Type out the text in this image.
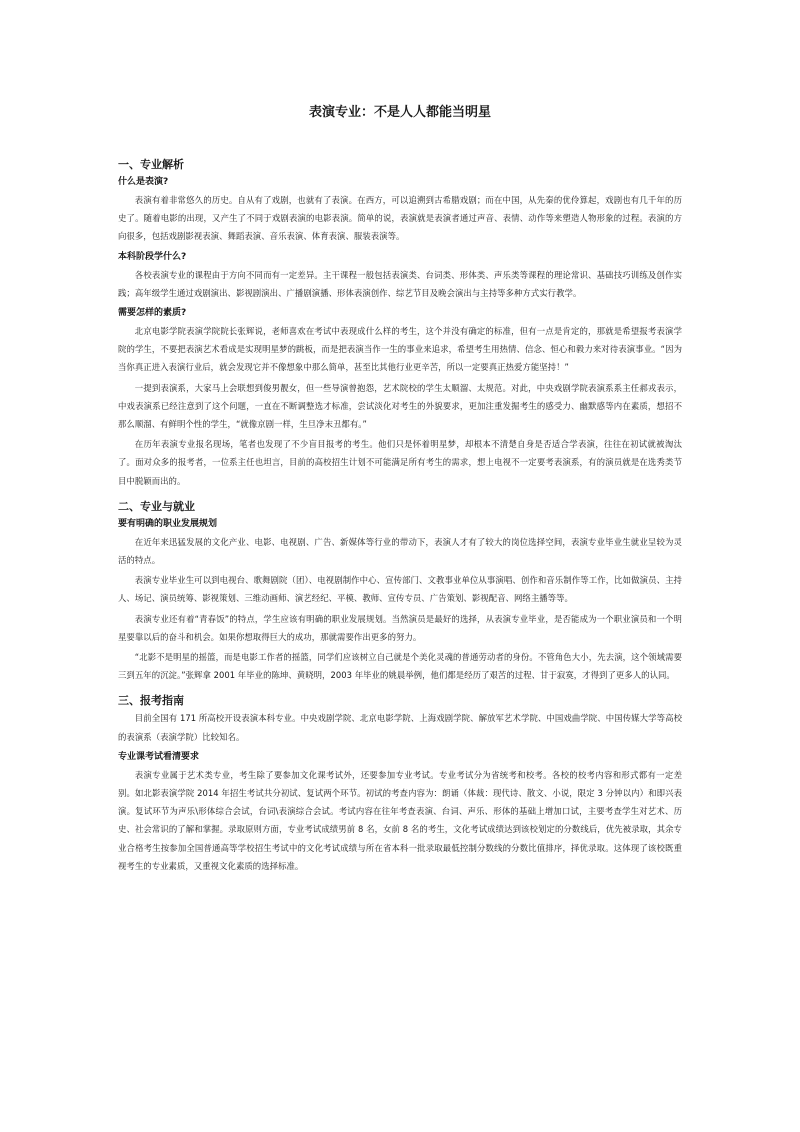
表演专业：不是人人都能当明星
一、专业解析
什么是表演?

表演有着非常悠久的历史。自从有了戏剧，也就有了表演。在西方，可以追溯到古希腊戏剧；而在中国，从先秦的优伶算起，戏剧也有几千年的历史了。随着电影的出现，又产生了不同于戏剧表演的电影表演。简单的说，表演就是表演者通过声音、表情、动作等来塑造人物形象的过程。表演的方向很多，包括戏剧影视表演、舞蹈表演、音乐表演、体育表演、服装表演等。

本科阶段学什么?

各校表演专业的课程由于方向不同而有一定差异。主干课程一般包括表演类、台词类、形体类、声乐类等课程的理论常识、基础技巧训练及创作实践；高年级学生通过戏剧演出、影视剧演出、广播剧演播、形体表演创作、综艺节目及晚会演出与主持等多种方式实行教学。

需要怎样的素质?

北京电影学院表演学院院长张辉说，老师喜欢在考试中表现成什么样的考生，这个并没有确定的标准，但有一点是肯定的，那就是希望报考表演学院的学生，不要把表演艺术看成是实现明星梦的跳板，而是把表演当作一生的事业来追求，希望考生用热情、信念、恒心和毅力来对待表演事业。“因为当你真正进入表演行业后，就会发现它并不像想象中那么简单，甚至比其他行业更辛苦，所以一定要真正热爱方能坚持！”

一提到表演系，大家马上会联想到俊男靓女，但一些导演曾抱怨，艺术院校的学生太顺溜、太规范。对此，中央戏剧学院表演系系主任郝戎表示，中戏表演系已经注意到了这个问题，一直在不断调整选才标准，尝试淡化对考生的外貌要求，更加注重发掘考生的感受力、幽默感等内在素质，想招不那么顺溜、有鲜明个性的学生，“就像京剧一样，生旦净末丑都有。”

在历年表演专业报名现场，笔者也发现了不少盲目报考的考生。他们只是怀着明星梦，却根本不清楚自身是否适合学表演，往往在初试就被淘汰了。面对众多的报考者，一位系主任也坦言，目前的高校招生计划不可能满足所有考生的需求，想上电视不一定要考表演系，有的演员就是在选秀类节目中脱颖而出的。

二、专业与就业
要有明确的职业发展规划

在近年来迅猛发展的文化产业、电影、电视剧、广告、新媒体等行业的带动下，表演人才有了较大的岗位选择空间，表演专业毕业生就业呈较为灵活的特点。

表演专业毕业生可以到电视台、歌舞剧院（团）、电视剧制作中心、宣传部门、文教事业单位从事演唱、创作和音乐制作等工作，比如做演员、主持人、场记、演员统筹、影视策划、三维动画师、演艺经纪、平模、教师、宣传专员、广告策划、影视配音、网络主播等等。

表演专业还有着“青春饭”的特点，学生应该有明确的职业发展规划。当然演员是最好的选择，从表演专业毕业，是否能成为一个职业演员和一个明星要靠以后的奋斗和机会。如果你想取得巨大的成功，那就需要作出更多的努力。

“北影不是明星的摇篮，而是电影工作者的摇篮，同学们应该树立自己就是个美化灵魂的普通劳动者的身份。不管角色大小，先去演，这个领域需要三到五年的沉淀。”张辉拿 2001 年毕业的陈坤、黄晓明，2003 年毕业的姚晨举例，他们都是经历了艰苦的过程、甘于寂寞，才得到了更多人的认同。

三、报考指南

目前全国有 171 所高校开设表演本科专业。中央戏剧学院、北京电影学院、上海戏剧学院、解放军艺术学院、中国戏曲学院、中国传媒大学等高校的表演系（表演学院）比较知名。

专业课考试看清要求

表演专业属于艺术类专业，考生除了要参加文化课考试外，还要参加专业考试。专业考试分为省统考和校考。各校的校考内容和形式都有一定差别。如北影表演学院 2014 年招生考试共分初试、复试两个环节。初试的考查内容为：朗诵（体裁：现代诗、散文、小说，限定 3 分钟以内）和即兴表演。复试环节为声乐\形体综合会试，台词\表演综合会试。考试内容在往年考查表演、台词、声乐、形体的基础上增加口试，主要考查学生对艺术、历史、社会常识的了解和掌握。录取原则方面，专业考试成绩男前 8 名，女前 8 名的考生，文化考试成绩达到该校划定的分数线后，优先被录取，其余专业合格考生按参加全国普通高等学校招生考试中的文化考试成绩与所在省本科一批录取最低控制分数线的分数比值排序，择优录取。这体现了该校既重视考生的专业素质，又重视文化素质的选择标准。
